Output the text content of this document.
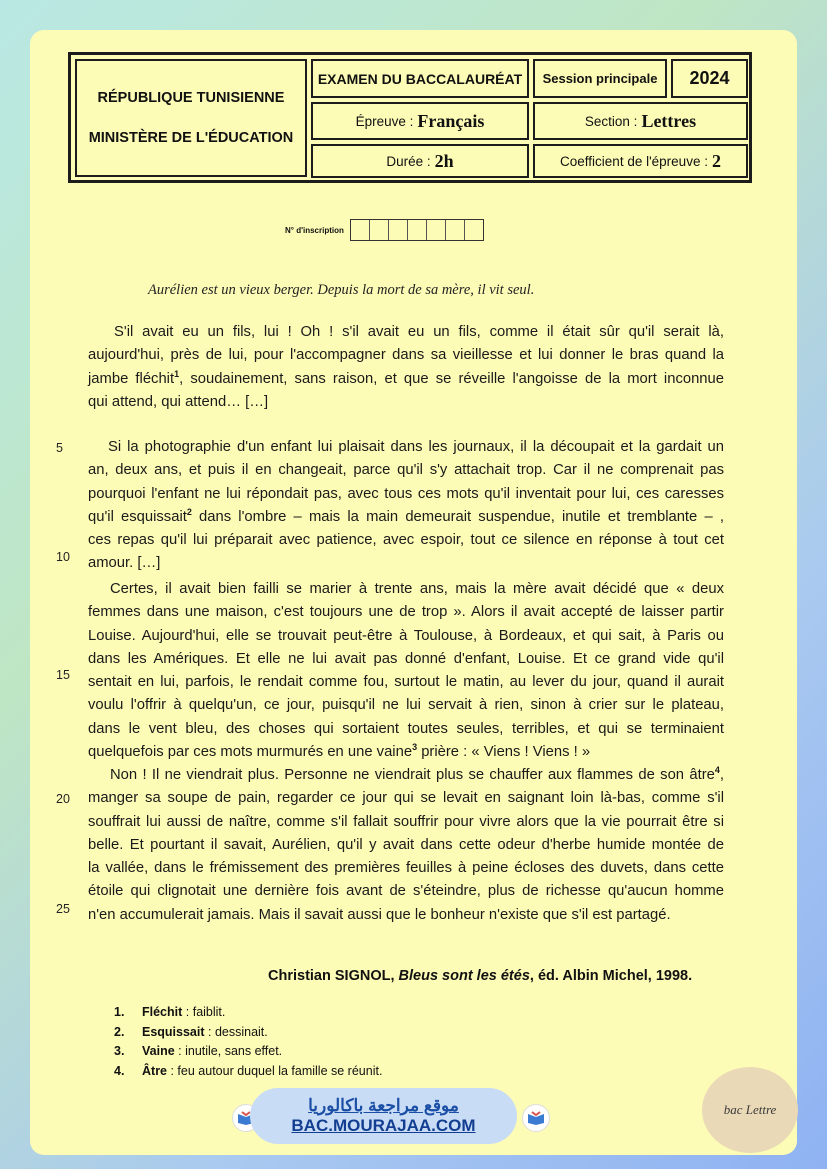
RÉPUBLIQUE TUNISIENNE
MINISTÈRE DE L'ÉDUCATION
EXAMEN DU BACCALAURÉAT	Session principale	2024
Épreuve : Français	Section : Lettres
Durée : 2h	Coefficient de l'épreuve : 2
N° d'inscription
Aurélien est un vieux berger. Depuis la mort de sa mère, il vit seul.
S'il avait eu un fils, lui ! Oh ! s'il avait eu un fils, comme il était sûr qu'il serait là,
aujourd'hui, près de lui, pour l'accompagner dans sa vieillesse et lui donner le bras quand la
jambe fléchit$^1$, soudainement, sans raison, et que se réveille l'angoisse de la mort inconnue
qui attend, qui attend… […]
Si la photographie d'un enfant lui plaisait dans les journaux, il la découpait et la gardait un
an, deux ans, et puis il en changeait, parce qu'il s'y attachait trop. Car il ne comprenait pas
pourquoi l'enfant ne lui répondait pas, avec tous ces mots qu'il inventait pour lui, ces caresses
qu'il esquissait$^2$ dans l'ombre – mais la main demeurait suspendue, inutile et tremblante – ,
ces repas qu'il lui préparait avec patience, avec espoir, tout ce silence en réponse à tout cet
amour. […]
Certes, il avait bien failli se marier à trente ans, mais la mère avait décidé que « deux
femmes dans une maison, c'est toujours une de trop ». Alors il avait accepté de laisser partir
Louise. Aujourd'hui, elle se trouvait peut-être à Toulouse, à Bordeaux, et qui sait, à Paris ou
dans les Amériques. Et elle ne lui avait pas donné d'enfant, Louise. Et ce grand vide qu'il
sentait en lui, parfois, le rendait comme fou, surtout le matin, au lever du jour, quand il aurait
voulu l'offrir à quelqu'un, ce jour, puisqu'il ne lui servait à rien, sinon à crier sur le plateau,
dans le vent bleu, des choses qui sortaient toutes seules, terribles, et qui se terminaient
quelquefois par ces mots murmurés en une vaine$^3$ prière : « Viens ! Viens ! »
Non ! Il ne viendrait plus. Personne ne viendrait plus se chauffer aux flammes de son âtre$^4$,
manger sa soupe de pain, regarder ce jour qui se levait en saignant loin là-bas, comme s'il
souffrait lui aussi de naître, comme s'il fallait souffrir pour vivre alors que la vie pourrait être si
belle. Et pourtant il savait, Aurélien, qu'il y avait dans cette odeur d'herbe humide montée de
la vallée, dans le frémissement des premières feuilles à peine écloses des duvets, dans cette
étoile qui clignotait une dernière fois avant de s'éteindre, plus de richesse qu'aucun homme
n'en accumulerait jamais. Mais il savait aussi que le bonheur n'existe que s'il est partagé.
5
10
15
20
25
Christian SIGNOL, Bleus sont les étés, éd. Albin Michel, 1998.
1.	Fléchit : faiblit.
2.	Esquissait : dessinait.
3.	Vaine : inutile, sans effet.
4.	Âtre : feu autour duquel la famille se réunit.
موقع مراجعة باكالوريا
BAC.MOURAJAA.COM
bac Lettre
